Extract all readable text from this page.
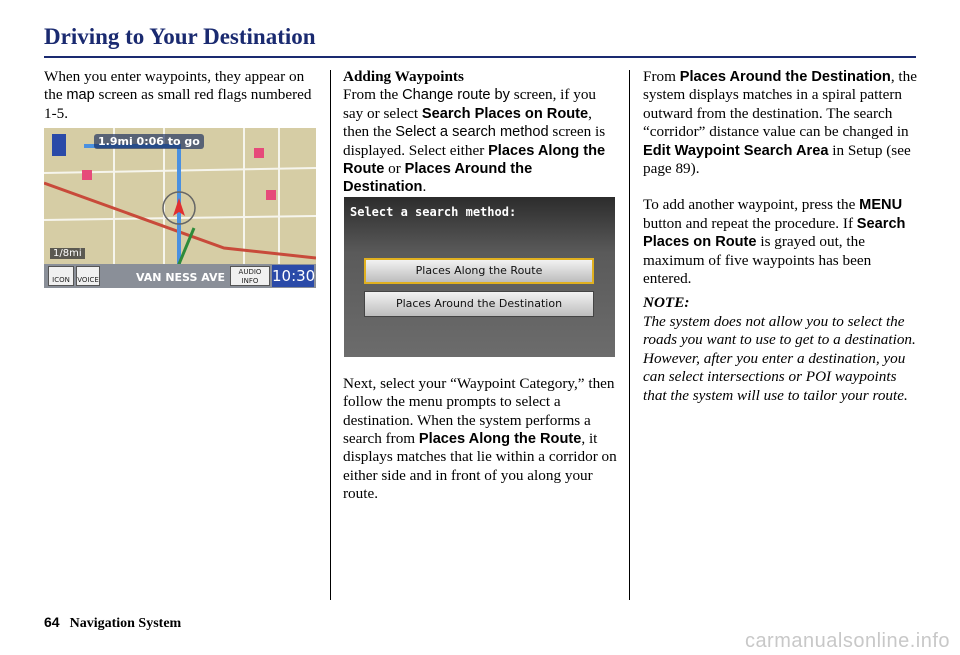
Driving to Your Destination

When you enter waypoints, they appear on the map screen as small red flags numbered 1-5.

1.9mi 0:06 to go
1/8mi
ICON	VOICE	VAN NESS AVE	AUDIO INFO 10:30

Adding Waypoints

From the Change route by screen, if you say or select Search Places on Route, then the Select a search method screen is displayed. Select either Places Along the Route or Places Around the Destination.

Next, select your “Waypoint Category,” then follow the menu prompts to select a destination. When the system performs a search from Places Along the Route, it displays matches that lie within a corridor on either side and in front of you along your route.

Select a search method:
Places Along the Route
Places Around the Destination

From Places Around the Destination, the system displays matches in a spiral pattern outward from the destination. The search “corridor” distance value can be changed in Edit Waypoint Search Area in Setup (see page 89).

To add another waypoint, press the MENU button and repeat the procedure. If Search Places on Route is grayed out, the maximum of five waypoints has been entered.

NOTE:

The system does not allow you to select the roads you want to use to get to a destination. However, after you enter a destination, you can select intersections or POI waypoints that the system will use to tailor your route.

64 Navigation System
carmanualsonline.info
